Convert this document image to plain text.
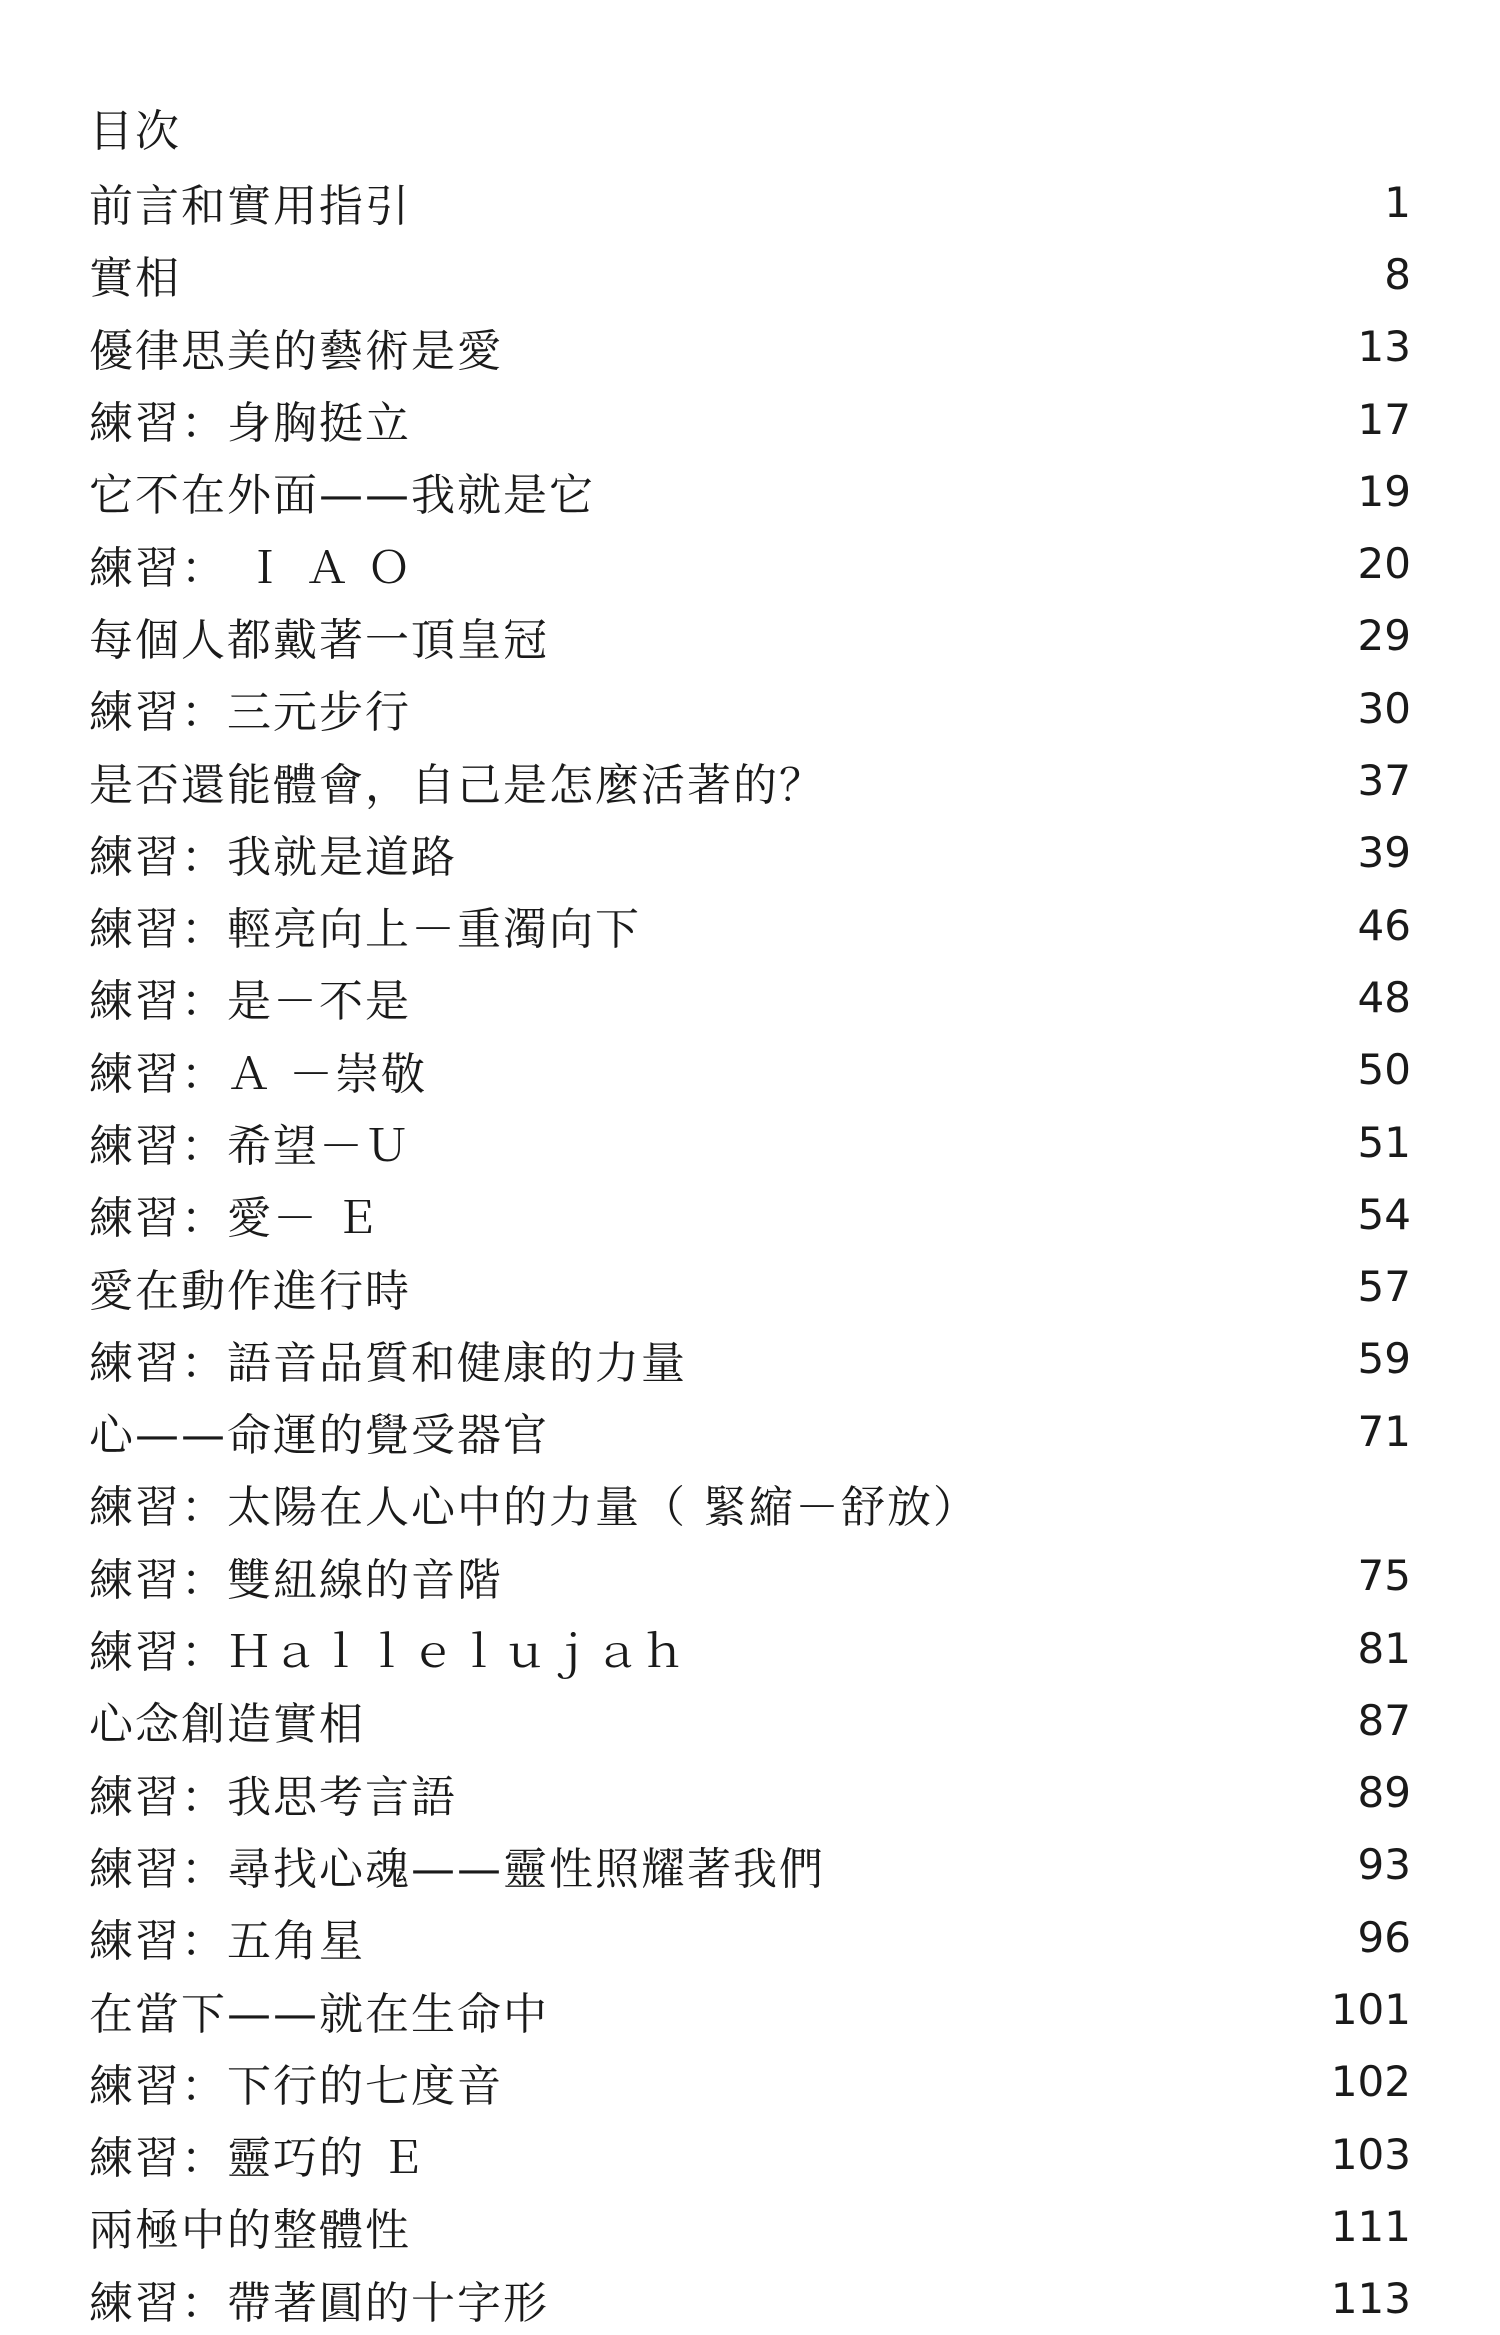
目次
前言和實用指引	1
實相	8
優律思美的藝術是愛	13
練習：身胸挺立	17
它不在外面——我就是它	19
練習： Ｉ Ａ Ｏ	20
每個人都戴著一頂皇冠	29
練習：三元步行	30
是否還能體會，自己是怎麼活著的？	37
練習：我就是道路	39
練習：輕亮向上－重濁向下	46
練習：是－不是	48
練習：Ａ －崇敬	50
練習：希望－Ｕ	51
練習：愛－ Ｅ	54
愛在動作進行時	57
練習：語音品質和健康的力量	59
心——命運的覺受器官	71
練習：太陽在人心中的力量（ 緊縮－舒放）
練習：雙紐線的音階	75
練習：Ｈａｌｌｅｌｕｊａｈ	81
心念創造實相	87
練習：我思考言語	89
練習：尋找心魂——靈性照耀著我們	93
練習：五角星	96
在當下——就在生命中	101
練習：下行的七度音	102
練習：靈巧的 Ｅ	103
兩極中的整體性	111
練習：帶著圓的十字形	113
